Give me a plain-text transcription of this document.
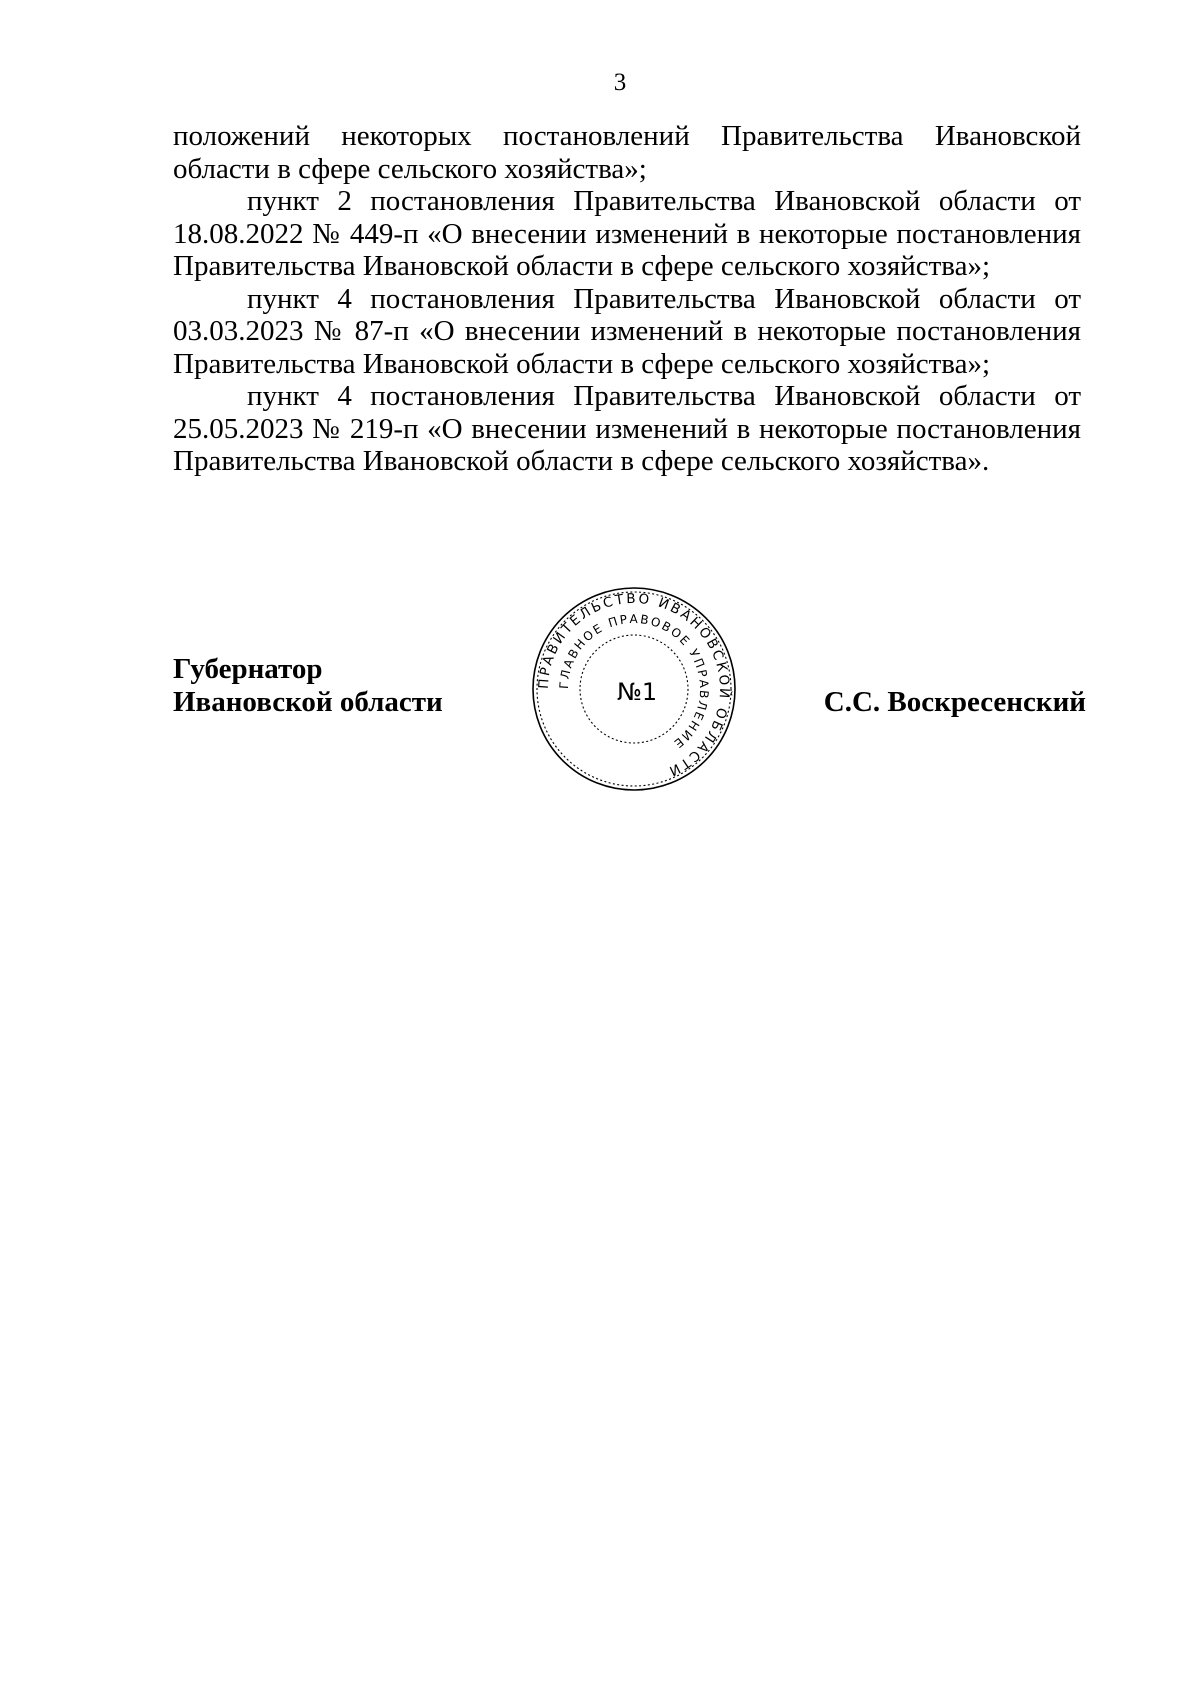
3

положений некоторых постановлений Правительства Ивановской области в сфере сельского хозяйства»;

пункт 2 постановления Правительства Ивановской области от 18.08.2022 № 449-п «О внесении изменений в некоторые постановления Правительства Ивановской области в сфере сельского хозяйства»;

пункт 4 постановления Правительства Ивановской области от 03.03.2023 № 87-п «О внесении изменений в некоторые постановления Правительства Ивановской области в сфере сельского хозяйства»;

пункт 4 постановления Правительства Ивановской области от 25.05.2023 № 219-п «О внесении изменений в некоторые постановления Правительства Ивановской области в сфере сельского хозяйства».

Губернатор
Ивановской области
ПРАВИТЕЛЬСТВО ИВАНОВСКОЙ ОБЛАСТИ
ГЛАВНОЕ ПРАВОВОЕ УПРАВЛЕНИЕ
№1	С.С. Воскресенский
